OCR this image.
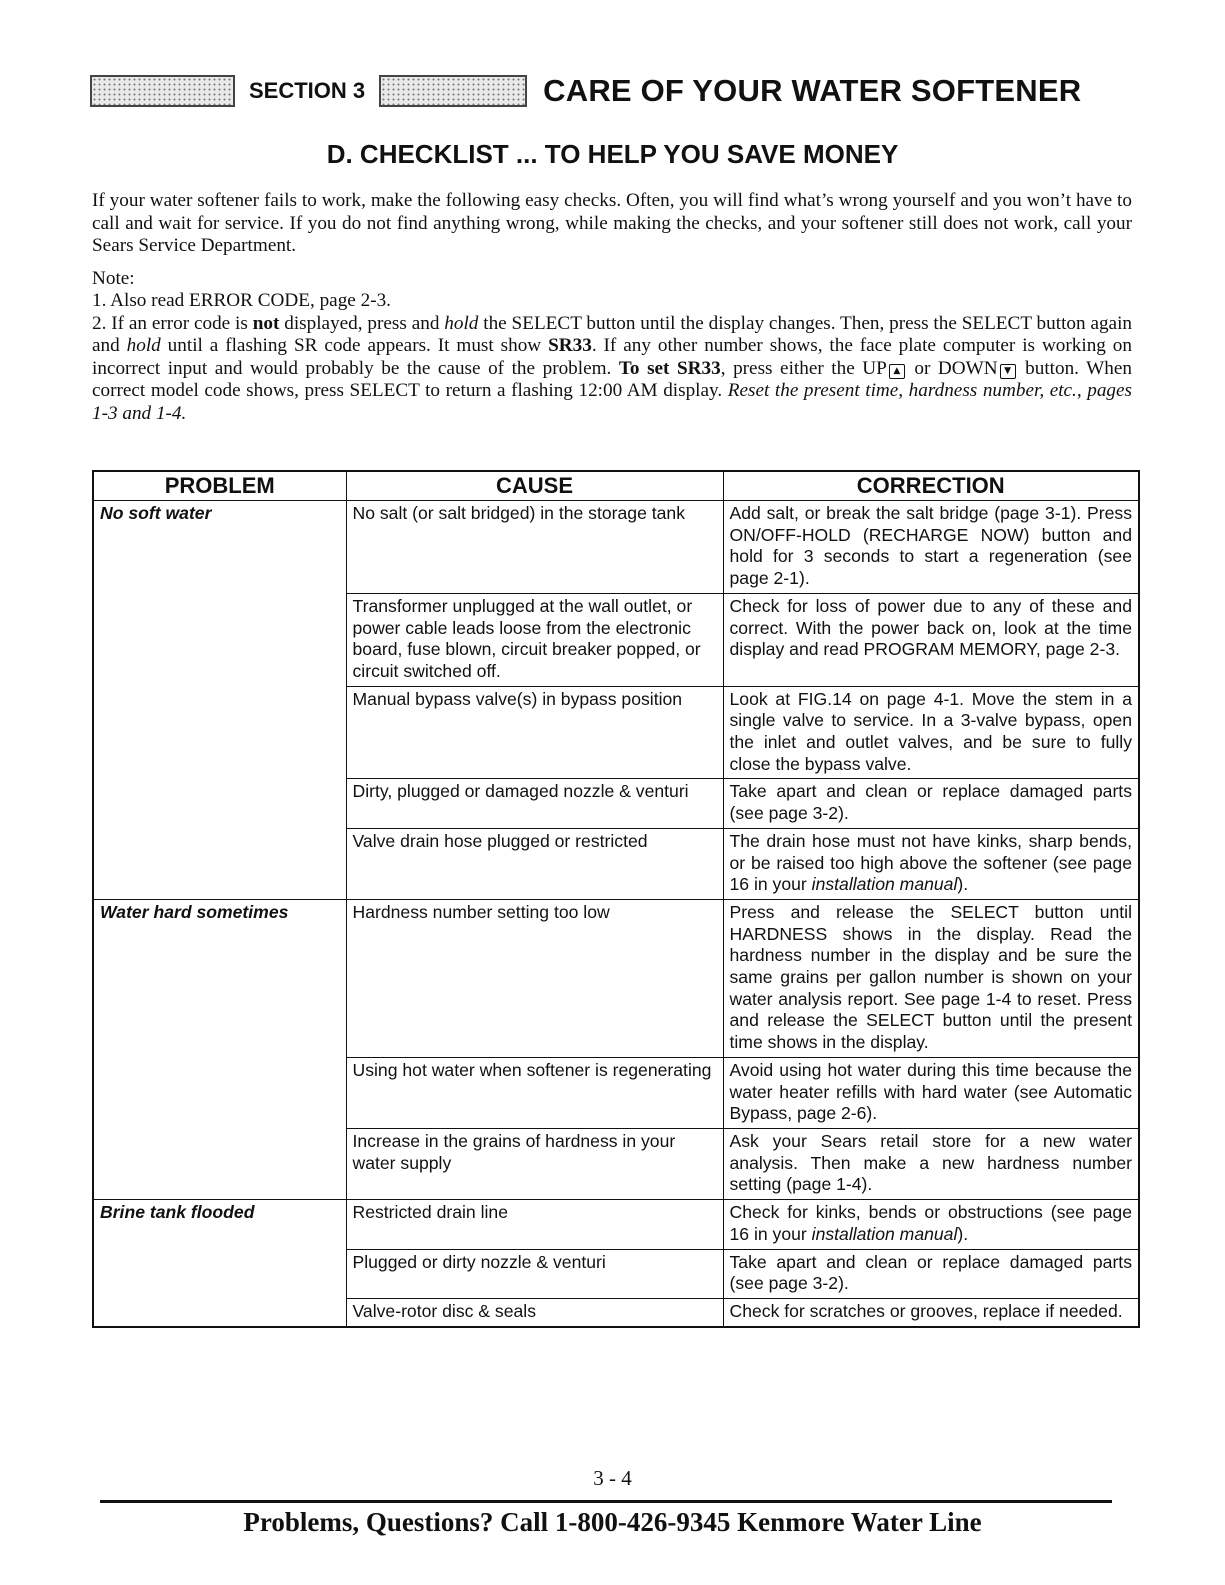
SECTION 3	CARE OF YOUR WATER SOFTENER
D. CHECKLIST ... TO HELP YOU SAVE MONEY

If your water softener fails to work, make the following easy checks. Often, you will find what’s wrong yourself and you won’t have to call and wait for service. If you do not find anything wrong, while making the checks, and your softener still does not work, call your Sears Service Department.

Note:

1. Also read ERROR CODE, page 2-3.

2. If an error code is not displayed, press and hold the SELECT button until the display changes. Then, press the SELECT button again and hold until a flashing SR code appears. It must show SR33. If any other number shows, the face plate computer is working on incorrect input and would probably be the cause of the problem. To set SR33, press either the UP ▲ or DOWN ▼ button. When correct model code shows, press SELECT to return a flashing 12:00 AM display. Reset the present time, hardness number, etc., pages 1-3 and 1-4.

PROBLEM	CAUSE	CORRECTION
No soft water	No salt (or salt bridged) in the storage tank	Add salt, or break the salt bridge (page 3-1). Press ON/OFF-HOLD (RECHARGE NOW) button and hold for 3 seconds to start a regeneration (see page 2-1).
	Transformer unplugged at the wall outlet, or power cable leads loose from the electronic board, fuse blown, circuit breaker popped, or circuit switched off.	Check for loss of power due to any of these and correct. With the power back on, look at the time display and read PROGRAM MEMORY, page 2-3.
	Manual bypass valve(s) in bypass position	Look at FIG.14 on page 4-1. Move the stem in a single valve to service. In a 3-valve bypass, open the inlet and outlet valves, and be sure to fully close the bypass valve.
	Dirty, plugged or damaged nozzle & venturi	Take apart and clean or replace damaged parts (see page 3-2).
	Valve drain hose plugged or restricted	The drain hose must not have kinks, sharp bends, or be raised too high above the softener (see page 16 in your installation manual).
Water hard sometimes	Hardness number setting too low	Press and release the SELECT button until HARDNESS shows in the display. Read the hardness number in the display and be sure the same grains per gallon number is shown on your water analysis report. See page 1-4 to reset. Press and release the SELECT button until the present time shows in the display.
	Using hot water when softener is regenerating	Avoid using hot water during this time because the water heater refills with hard water (see Automatic Bypass, page 2-6).
	Increase in the grains of hardness in your water supply	Ask your Sears retail store for a new water analysis. Then make a new hardness number setting (page 1-4).
Brine tank flooded	Restricted drain line	Check for kinks, bends or obstructions (see page 16 in your installation manual).
	Plugged or dirty nozzle & venturi	Take apart and clean or replace damaged parts (see page 3-2).
	Valve-rotor disc & seals	Check for scratches or grooves, replace if needed.
3 - 4
Problems, Questions? Call 1-800-426-9345 Kenmore Water Line
